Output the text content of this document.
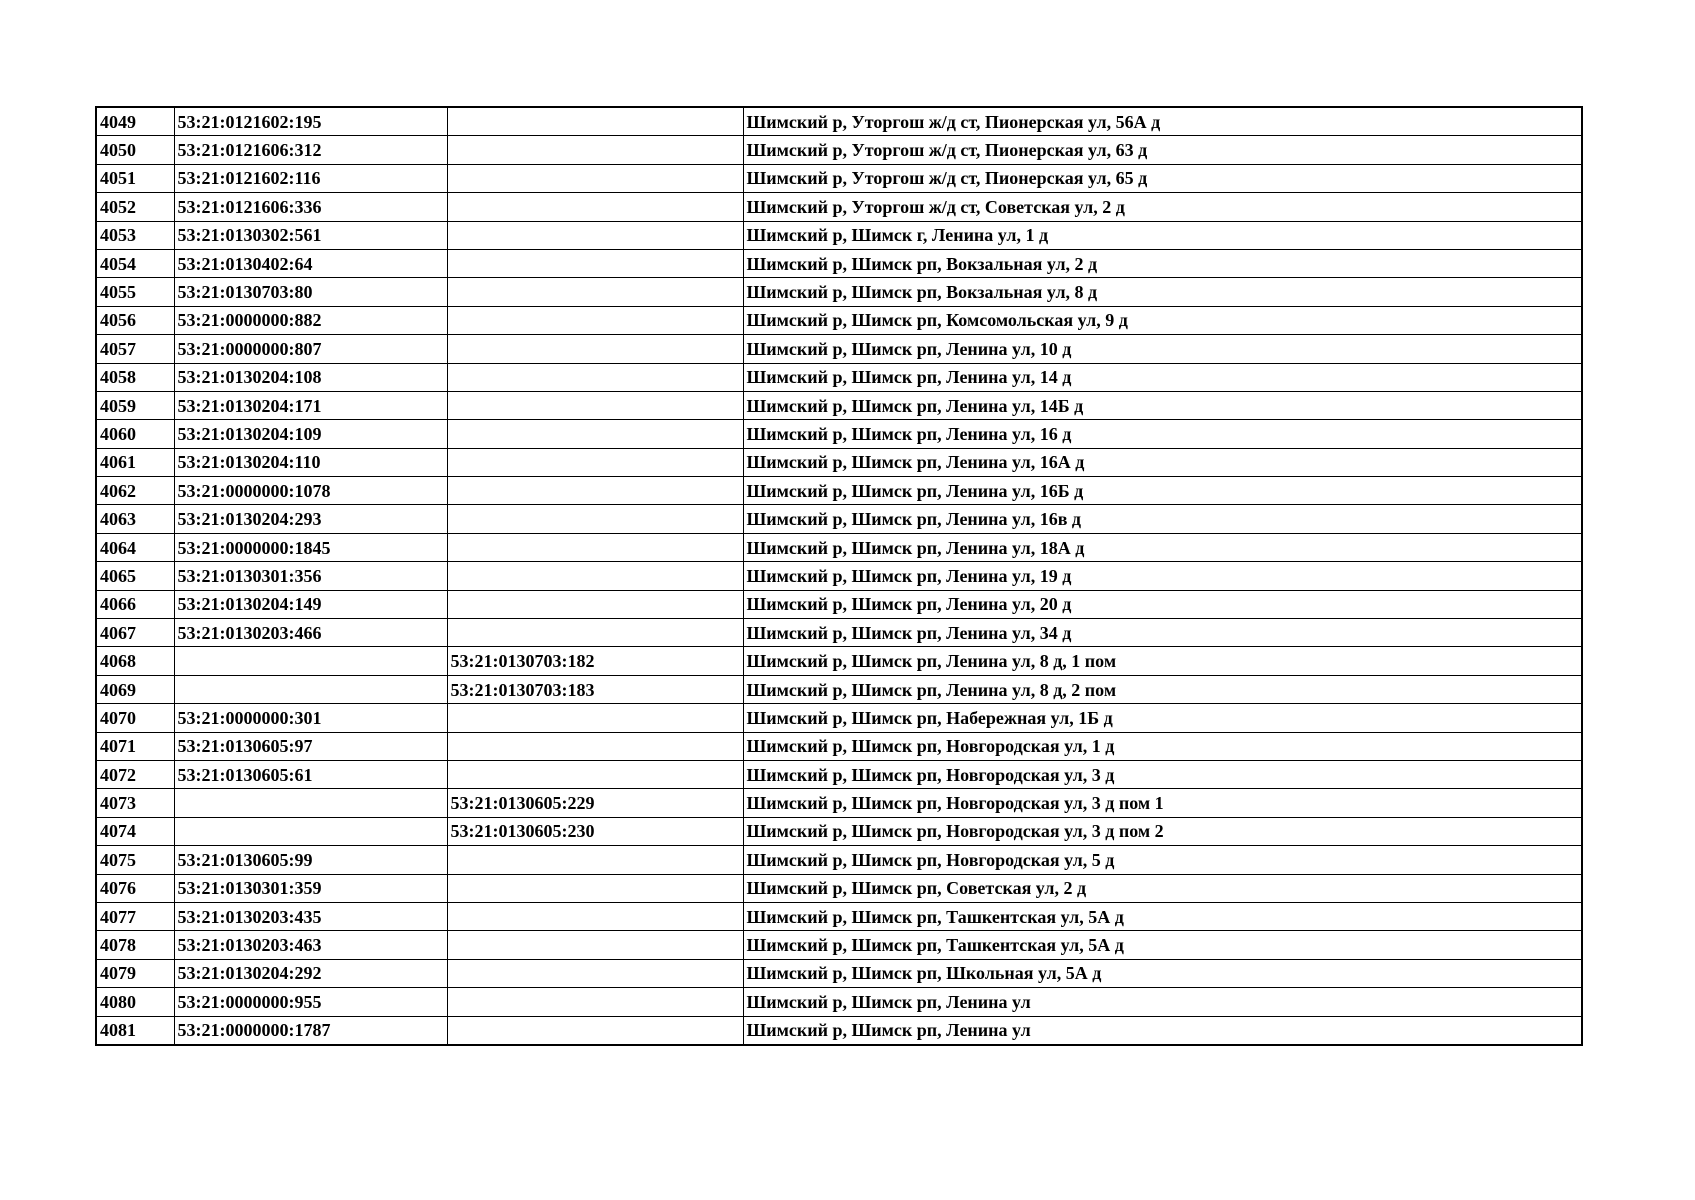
4049	53:21:0121602:195		Шимский р, Уторгош ж/д ст, Пионерская ул, 56А д
4050	53:21:0121606:312		Шимский р, Уторгош ж/д ст, Пионерская ул, 63 д
4051	53:21:0121602:116		Шимский р, Уторгош ж/д ст, Пионерская ул, 65 д
4052	53:21:0121606:336		Шимский р, Уторгош ж/д ст, Советская ул, 2 д
4053	53:21:0130302:561		Шимский р, Шимск г, Ленина ул, 1 д
4054	53:21:0130402:64		Шимский р, Шимск рп, Вокзальная ул, 2 д
4055	53:21:0130703:80		Шимский р, Шимск рп, Вокзальная ул, 8 д
4056	53:21:0000000:882		Шимский р, Шимск рп, Комсомольская ул, 9 д
4057	53:21:0000000:807		Шимский р, Шимск рп, Ленина ул, 10 д
4058	53:21:0130204:108		Шимский р, Шимск рп, Ленина ул, 14 д
4059	53:21:0130204:171		Шимский р, Шимск рп, Ленина ул, 14Б д
4060	53:21:0130204:109		Шимский р, Шимск рп, Ленина ул, 16 д
4061	53:21:0130204:110		Шимский р, Шимск рп, Ленина ул, 16А д
4062	53:21:0000000:1078		Шимский р, Шимск рп, Ленина ул, 16Б д
4063	53:21:0130204:293		Шимский р, Шимск рп, Ленина ул, 16в д
4064	53:21:0000000:1845		Шимский р, Шимск рп, Ленина ул, 18А д
4065	53:21:0130301:356		Шимский р, Шимск рп, Ленина ул, 19 д
4066	53:21:0130204:149		Шимский р, Шимск рп, Ленина ул, 20 д
4067	53:21:0130203:466		Шимский р, Шимск рп, Ленина ул, 34 д
4068		53:21:0130703:182	Шимский р, Шимск рп, Ленина ул, 8 д, 1 пом
4069		53:21:0130703:183	Шимский р, Шимск рп, Ленина ул, 8 д, 2 пом
4070	53:21:0000000:301		Шимский р, Шимск рп, Набережная ул, 1Б д
4071	53:21:0130605:97		Шимский р, Шимск рп, Новгородская ул, 1 д
4072	53:21:0130605:61		Шимский р, Шимск рп, Новгородская ул, 3 д
4073		53:21:0130605:229	Шимский р, Шимск рп, Новгородская ул, 3 д пом 1
4074		53:21:0130605:230	Шимский р, Шимск рп, Новгородская ул, 3 д пом 2
4075	53:21:0130605:99		Шимский р, Шимск рп, Новгородская ул, 5 д
4076	53:21:0130301:359		Шимский р, Шимск рп, Советская ул, 2 д
4077	53:21:0130203:435		Шимский р, Шимск рп, Ташкентская ул, 5А д
4078	53:21:0130203:463		Шимский р, Шимск рп, Ташкентская ул, 5А д
4079	53:21:0130204:292		Шимский р, Шимск рп, Школьная ул, 5А д
4080	53:21:0000000:955		Шимский р, Шимск рп, Ленина ул
4081	53:21:0000000:1787		Шимский р, Шимск рп, Ленина ул
